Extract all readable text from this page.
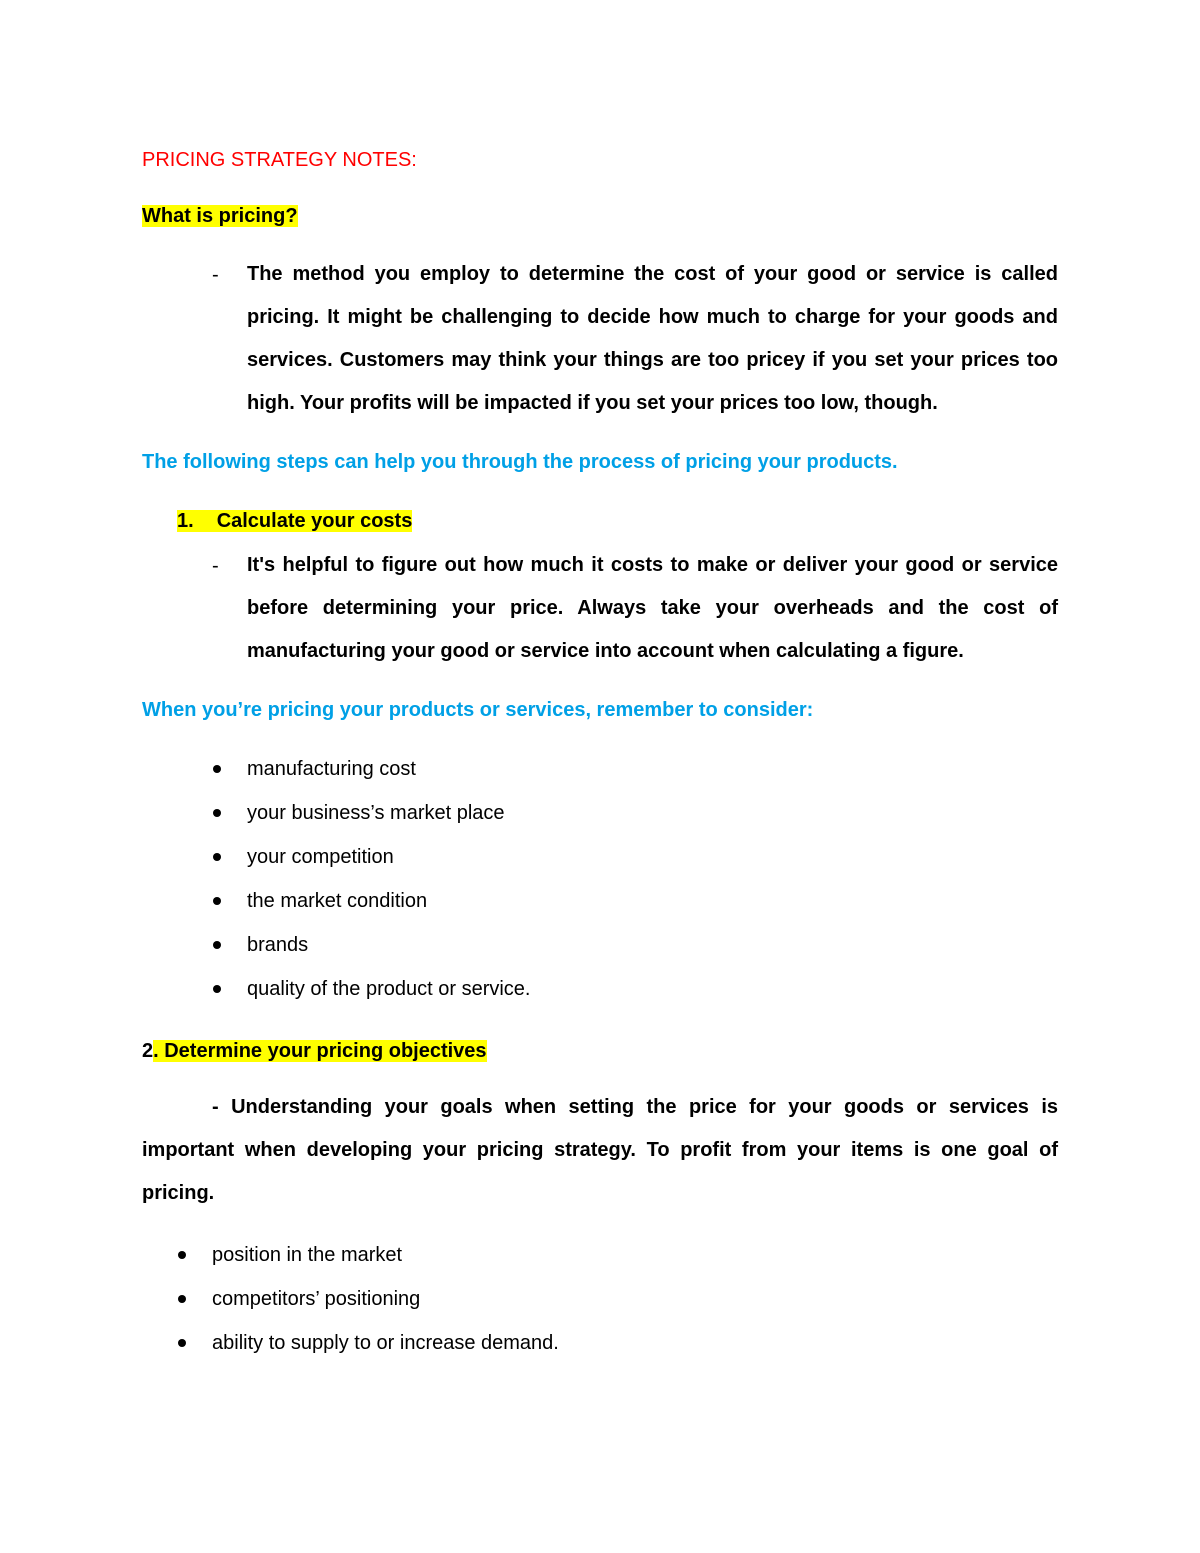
PRICING STRATEGY NOTES:
What is pricing?
- The method you employ to determine the cost of your good or service is called pricing. It might be challenging to decide how much to charge for your goods and services. Customers may think your things are too pricey if you set your prices too high. Your profits will be impacted if you set your prices too low, though.
The following steps can help you through the process of pricing your products.
1. Calculate your costs
- It's helpful to figure out how much it costs to make or deliver your good or service before determining your price. Always take your overheads and the cost of manufacturing your good or service into account when calculating a figure.
When you’re pricing your products or services, remember to consider:
manufacturing cost
your business’s market place
your competition
the market condition
brands
quality of the product or service.
2. Determine your pricing objectives
- Understanding your goals when setting the price for your goods or services is important when developing your pricing strategy. To profit from your items is one goal of pricing.
position in the market
competitors’ positioning
ability to supply to or increase demand.
